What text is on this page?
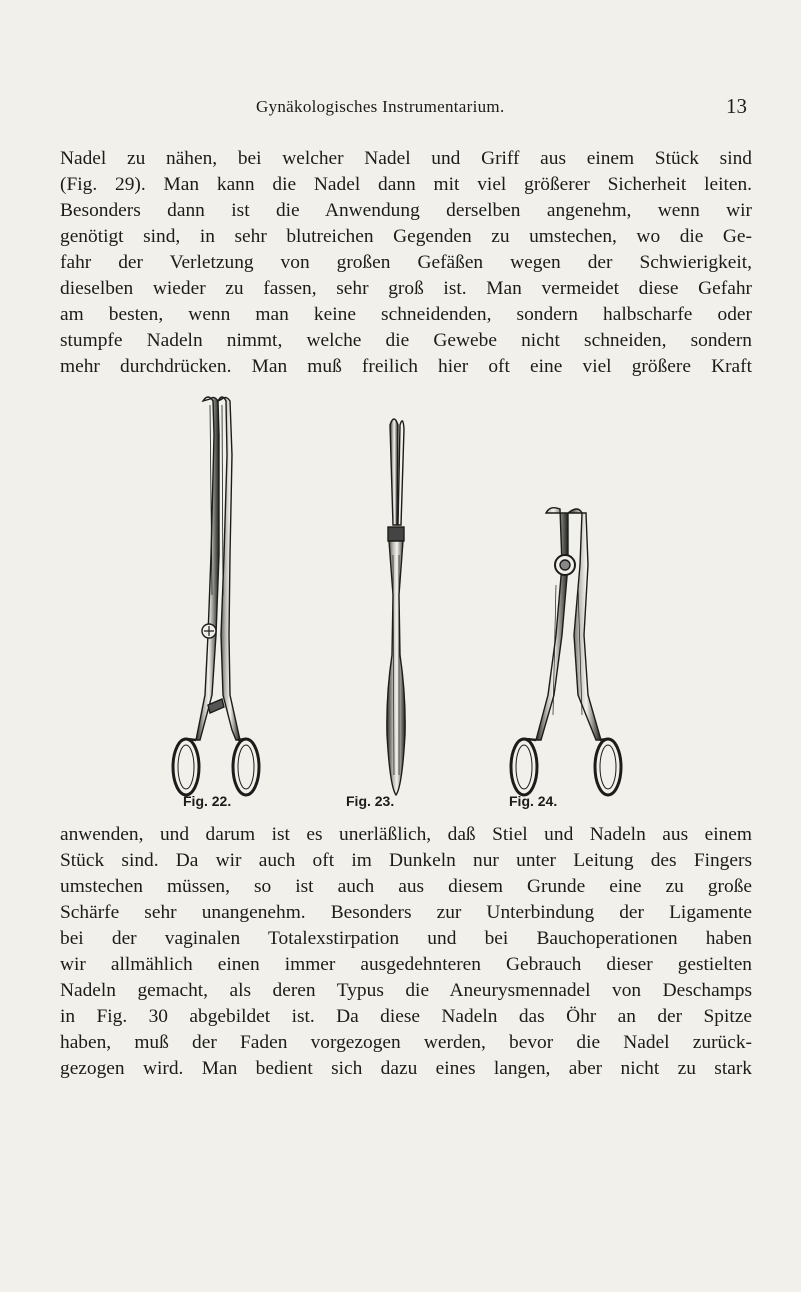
Gynäkologisches Instrumentarium.	13
Nadel zu nähen, bei welcher Nadel und Griff aus einem Stück sind
(Fig. 29). Man kann die Nadel dann mit viel größerer Sicherheit leiten.
Besonders dann ist die Anwendung derselben angenehm, wenn wir
genötigt sind, in sehr blutreichen Gegenden zu umstechen, wo die Ge-
fahr der Verletzung von großen Gefäßen wegen der Schwierigkeit,
dieselben wieder zu fassen, sehr groß ist. Man vermeidet diese Gefahr
am besten, wenn man keine schneidenden, sondern halbscharfe oder
stumpfe Nadeln nimmt, welche die Gewebe nicht schneiden, sondern
mehr durchdrücken. Man muß freilich hier oft eine viel größere Kraft
Fig. 22.	Fig. 23.	Fig. 24.
anwenden, und darum ist es unerläßlich, daß Stiel und Nadeln aus einem
Stück sind. Da wir auch oft im Dunkeln nur unter Leitung des Fingers
umstechen müssen, so ist auch aus diesem Grunde eine zu große
Schärfe sehr unangenehm. Besonders zur Unterbindung der Ligamente
bei der vaginalen Totalexstirpation und bei Bauchoperationen haben
wir allmählich einen immer ausgedehnteren Gebrauch dieser gestielten
Nadeln gemacht, als deren Typus die Aneurysmennadel von Deschamps
in Fig. 30 abgebildet ist. Da diese Nadeln das Öhr an der Spitze
haben, muß der Faden vorgezogen werden, bevor die Nadel zurück-
gezogen wird. Man bedient sich dazu eines langen, aber nicht zu stark
